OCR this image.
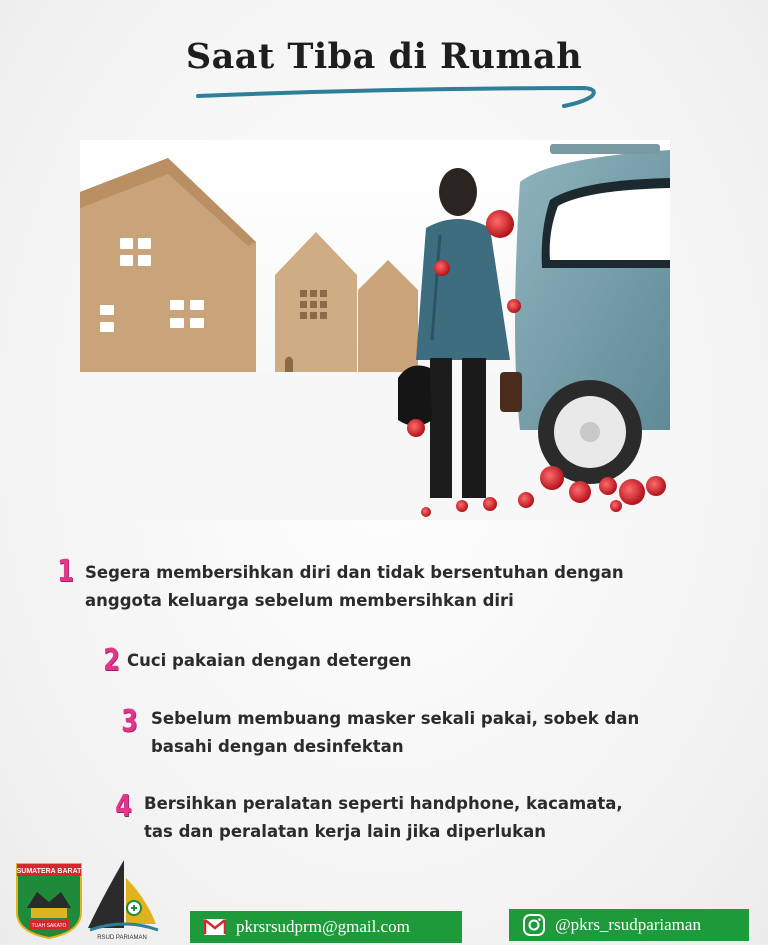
Saat Tiba di Rumah
1 Segera membersihkan diri dan tidak bersentuhan dengan
anggota keluarga sebelum membersihkan diri
2 Cuci pakaian dengan detergen
3 Sebelum membuang masker sekali pakai, sobek dan
basahi dengan desinfektan
4 Bersihkan peralatan seperti handphone, kacamata,
tas dan peralatan kerja lain jika diperlukan
SUMATERA BARAT
TUAH SAKATO
RSUD PARIAMAN
pkrsrsudprm@gmail.com	@pkrs_rsudpariaman
